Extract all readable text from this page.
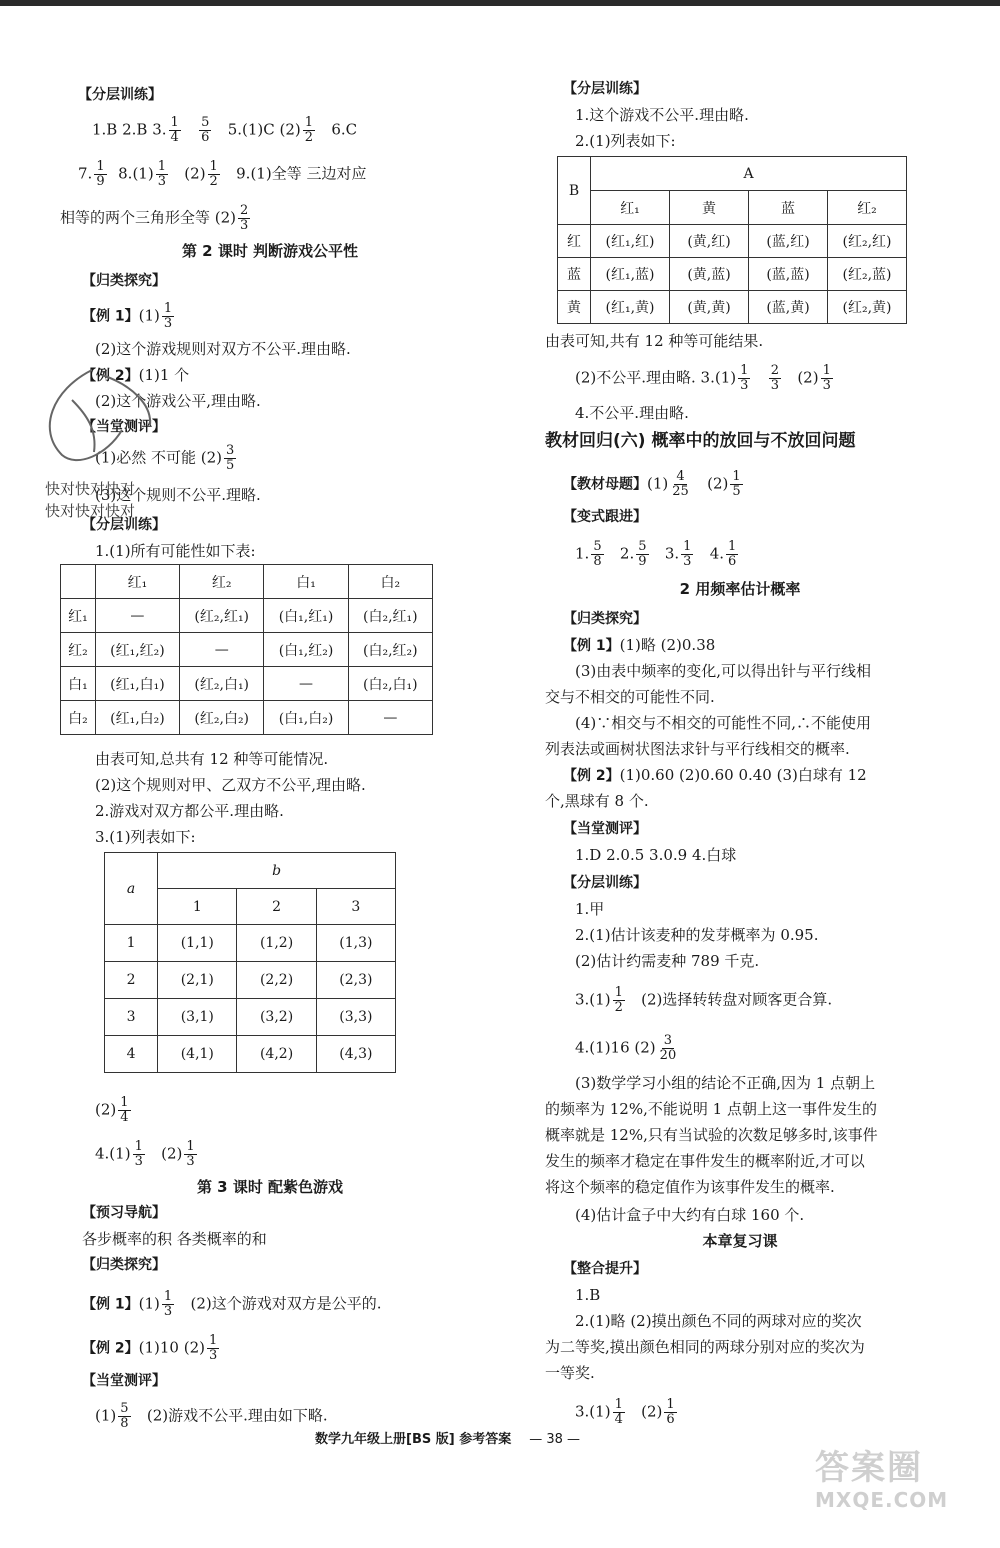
【分层训练】
1.B 2.B 3. $\frac{1}{4}$
$\frac{5}{6} 5.(1)C$ $(2) \frac{1}{2} 6.C$
7. $\frac{1}{9} 8.(1) \frac{1}{3} (2) \frac{1}{2} 9.(1)$全等 三边对应
相等的两个三角形全等 $(2) \frac{2}{3}$
第 2 课时 判断游戏公平性
【归类探究】
【例 1】$(1) \frac{1}{3}$
(2)这个游戏规则对双方不公平.理由略.
【例 2】(1)1 个
(2)这个游戏公平,理由略.
【当堂测评】
(1)必然 不可能 $(2) \frac{3}{5}$
(3)这个规则不公平.理略.
【分层训练】
1.(1)所有可能性如下表:
	红₁	红₂	白₁	白₂
红₁	—	(红₂,红₁)	(白₁,红₁)	(白₂,红₁)
红₂	(红₁,红₂)	—	(白₁,红₂)	(白₂,红₂)
白₁	(红₁,白₁)	(红₂,白₁)	—	(白₂,白₁)
白₂	(红₁,白₂)	(红₂,白₂)	(白₁,白₂)	—
由表可知,总共有 12 种等可能情况.
(2)这个规则对甲、乙双方不公平,理由略.
2.游戏对双方都公平.理由略.
3.(1)列表如下:
a	b		
	1	2	3
1	(1,1)	(1,2)	(1,3)
2	(2,1)	(2,2)	(2,3)
3	(3,1)	(3,2)	(3,3)
4	(4,1)	(4,2)	(4,3)
$(2) \frac{1}{4}$
$4.(1) \frac{1}{3} (2) \frac{1}{3}$
第 3 课时 配紫色游戏
【预习导航】
各步概率的积 各类概率的和
【归类探究】
【例 1】$(1) \frac{1}{3} (2)$这个游戏对双方是公平的.
【例 2】(1)10 $(2) \frac{1}{3}$
【当堂测评】
$(1) \frac{5}{8} (2)$游戏不公平.理由如下略.
快对快对快对
快对快对快对
【分层训练】
1.这个游戏不公平.理由略.
2.(1)列表如下:
B	A			
	红₁	黄	蓝	红₂
红	(红₁,红)	(黄,红)	(蓝,红)	(红₂,红)
蓝	(红₁,蓝)	(黄,蓝)	(蓝,蓝)	(红₂,蓝)
黄	(红₁,黄)	(黄,黄)	(蓝,黄)	(红₂,黄)
由表可知,共有 12 种等可能结果.
(2)不公平.理由略. $3.(1) \frac{1}{3}$
$\frac{2}{3} (2) \frac{1}{3}$
4.不公平.理由略.
教材回归(六) 概率中的放回与不放回问题
【教材母题】$(1) \frac{4}{25} (2) \frac{1}{5}$
【变式跟进】
1. $\frac{5}{8} 2$. $\frac{5}{9} 3$. $\frac{1}{3} 4$. $\frac{1}{6}$
2 用频率估计概率
【归类探究】
【例 1】(1)略 (2)0.38
(3)由表中频率的变化,可以得出针与平行线相
交与不相交的可能性不同.
(4)∵相交与不相交的可能性不同,∴不能使用
列表法或画树状图法求针与平行线相交的概率.
【例 2】(1)0.60 (2)0.60 0.40 (3)白球有 12
个,黑球有 8 个.
【当堂测评】
1.D 2.0.5 3.0.9 4.白球
【分层训练】
1.甲
2.(1)估计该麦种的发芽概率为 0.95.
(2)估计约需麦种 789 千克.
$3.(1) \frac{1}{2} (2)$选择转转盘对顾客更合算.
4.(1)16 $(2) \frac{3}{20}$
(3)数学学习小组的结论不正确,因为 1 点朝上
的频率为 12%,不能说明 1 点朝上这一事件发生的
概率就是 12%,只有当试验的次数足够多时,该事件
发生的频率才稳定在事件发生的概率附近,才可以
将这个频率的稳定值作为该事件发生的概率.
(4)估计盒子中大约有白球 160 个.
本章复习课
【整合提升】
1.B
2.(1)略 (2)摸出颜色不同的两球对应的奖次
为二等奖,摸出颜色相同的两球分别对应的奖次为
一等奖.
$3.(1) \frac{1}{4} (2) \frac{1}{6}$
数学九年级上册[BS 版] 参考答案 — 38 —
答案圈
MXQE.COM
